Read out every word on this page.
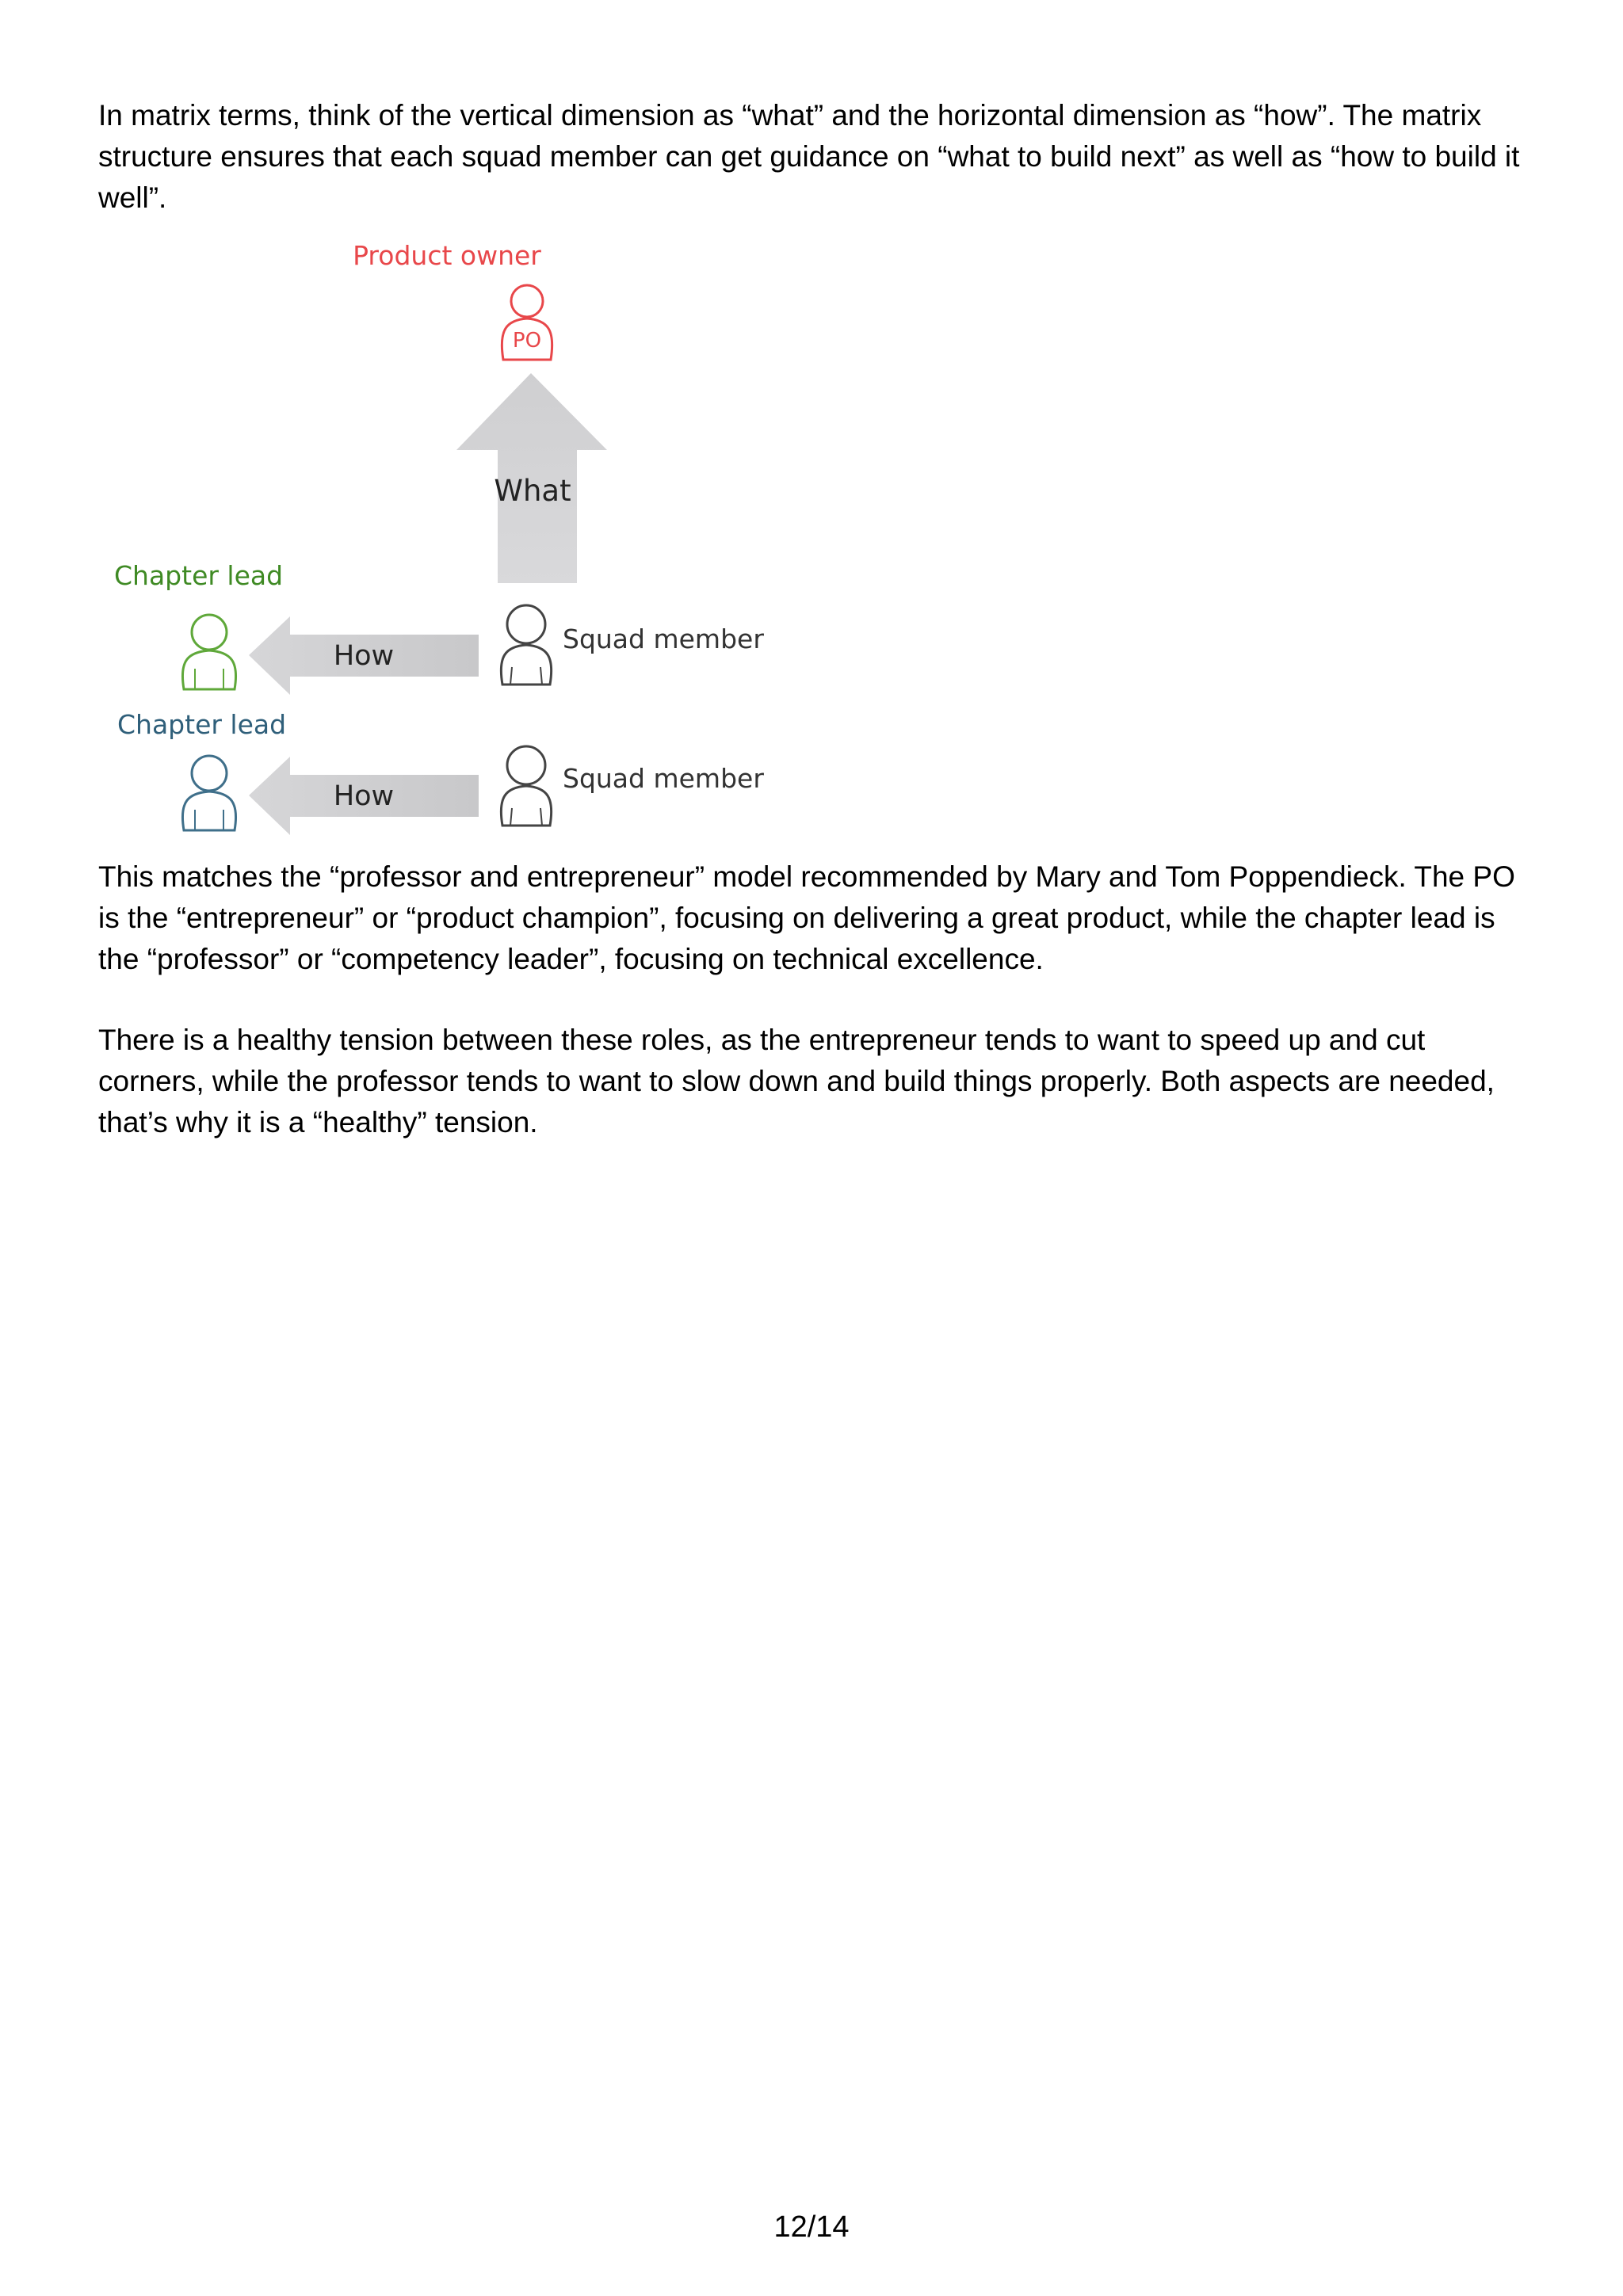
In matrix terms, think of the vertical dimension as “what” and the horizontal dimension as “how”. The matrix structure ensures that each squad member can get guidance on “what to build next” as well as “how to build it well”.

Product owner
PO
What
Chapter lead
How
Squad member
Chapter lead
How
Squad member

This matches the “professor and entrepreneur” model recommended by Mary and Tom Poppendieck. The PO is the “entrepreneur” or “product champion”, focusing on delivering a great product, while the chapter lead is the “professor” or “competency leader”, focusing on technical excellence.

There is a healthy tension between these roles, as the entrepreneur tends to want to speed up and cut corners, while the professor tends to want to slow down and build things properly. Both aspects are needed, that’s why it is a “healthy” tension.

12/14
